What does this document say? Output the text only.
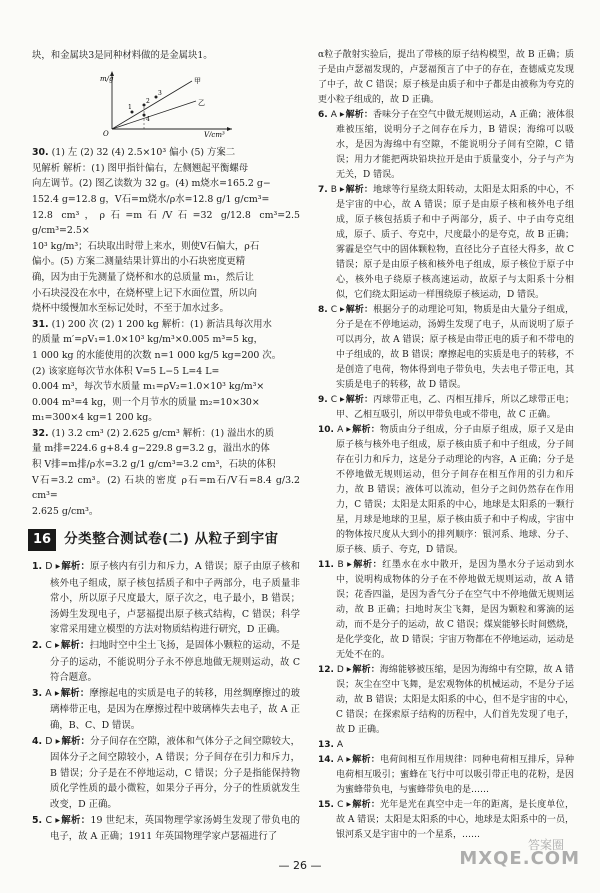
块，和金属块3是同种材料做的是金属块1。

m/g
V/cm³
O
甲
乙
1
2
3
4
30. (1) 左 (2) 32 (4) 2.5×10³ 偏小 (5) 方案二
见解析 解析：(1) 图甲指针偏右，左侧翘起平衡螺母
向左调节。(2) 图乙读数为 32 g。(4) m烧水=165.2 g−
152.4 g=12.8 g，V石=m烧水/ρ水=12.8 g/1 g/cm³=
12.8 cm³，ρ石=m石/V石=32 g/12.8 cm³=2.5 g/cm³=2.5×
10³ kg/m³；石块取出时带上来水，则使V石偏大，ρ石
偏小。(5) 方案二测量结果计算出的小石块密度更精
确，因为由于先测量了烧杯和水的总质量 m₁，然后让
小石块浸没在水中，在烧杯壁上记下水面位置，所以向
烧杯中缓慢加水至标记处时，不至于加水过多。
31. (1) 200 次 (2) 1 200 kg 解析：(1) 新洁具每次用水
的质量 m′=ρV₁=1.0×10³ kg/m³×0.005 m³=5 kg，
1 000 kg 的水能使用的次数 n=1 000 kg/5 kg=200 次。
(2) 该家庭每次节水体积 V=5 L−5 L=4 L=
0.004 m³，每次节水质量 m₁=ρV₂=1.0×10³ kg/m³×
0.004 m³=4 kg，则一个月节水的质量 m₂=10×30×
m₁=300×4 kg=1 200 kg。
32. (1) 3.2 cm³ (2) 2.625 g/cm³ 解析：(1) 溢出水的质
量 m排=224.6 g+8.4 g−229.8 g=3.2 g，溢出水的体
积 V排=m排/ρ水=3.2 g/1 g/cm³=3.2 cm³，石块的体积
V石=3.2 cm³。(2) 石块的密度 ρ石=m石/V石=8.4 g/3.2 cm³=
2.625 g/cm³。
16 分类整合测试卷(二) 从粒子到宇宙

1. D ▶ 解析：原子核内有引力和斥力，A 错误；原子由原子核和核外电子组成，原子核包括质子和中子两部分，电子质量非常小，所以原子尺度最大，原子次之，电子最小，B 错误；汤姆生发现电子，卢瑟福提出原子核式结构，C 错误；科学家常采用建立模型的方法对物质结构进行研究，D 正确。

2. C ▶ 解析：扫地时空中尘土飞扬，是固体小颗粒的运动，不是分子的运动，不能说明分子永不停息地做无规则运动，故 C 符合题意。

3. A ▶ 解析：摩擦起电的实质是电子的转移，用丝绸摩擦过的玻璃棒带正电，是因为在摩擦过程中玻璃棒失去电子，故 A 正确，B、C、D 错误。

4. D ▶ 解析：分子间存在空隙，液体和气体分子之间空隙较大，固体分子之间空隙较小，A 错误；分子间存在引力和斥力，B 错误；分子是在不停地运动，C 错误；分子是指能保持物质化学性质的最小微粒，如果分子再分，分子的性质就发生改变，D 正确。

5. C ▶ 解析：19 世纪末，英国物理学家汤姆生发现了带负电的电子，故 A 正确；1911 年英国物理学家卢瑟福进行了

α粒子散射实验后，提出了带核的原子结构模型，故 B 正确；质子是由卢瑟福发现的，卢瑟福预言了中子的存在，查德威克发现了中子，故 C 错误；原子核是由质子和中子都是由被称为夸克的更小粒子组成的，故 D 正确。

6. A ▶ 解析：香味分子在空气中做无规则运动，A 正确；液体很难被压缩，说明分子之间存在斥力，B 错误；海绵可以吸水，是因为海绵中有空隙，不能说明分子间有空隙，C 错误；用力才能把两块铅块拉开是由于质量变小，分子与产为无关，D 错误。

7. B ▶ 解析：地球等行星绕太阳转动，太阳是太阳系的中心，不是宇宙的中心，故 A 错误；原子是由原子核和核外电子组成，原子核包括质子和中子两部分，质子、中子由夸克组成，原子、质子、夸克中，尺度最小的是夸克，故 B 正确；雾霾是空气中的固体颗粒物，直径比分子直径大得多，故 C 错误；原子是由原子核和核外电子组成，原子核位于原子中心，核外电子绕原子核高速运动，故原子与太阳系十分相似，它们绕太阳运动一样围绕原子核运动，D 错误。

8. C ▶ 解析：根据分子的动理论可知，物质是由大量分子组成，分子是在不停地运动，汤姆生发现了电子，从而说明了原子可以再分，故 A 错误；原子核是由带正电的质子和不带电的中子组成的，故 B 错误；摩擦起电的实质是电子的转移，不是创造了电荷，物体得到电子带负电，失去电子带正电，其实质是电子的转移，故 D 错误。

9. C ▶ 解析：丙球带正电，乙、丙相互排斥，所以乙球带正电；甲、乙相互吸引，所以甲带负电或不带电，故 C 正确。

10. A ▶ 解析：物质由分子组成，分子由原子组成，原子又是由原子核与核外电子组成，原子核由质子和中子组成，分子间存在引力和斥力，这是分子动理论的内容，A 正确；分子是不停地做无规则运动，但分子间存在相互作用的引力和斥力，故 B 错误；液体可以流动，但分子之间仍然存在作用力，C 错误；太阳是太阳系的中心，地球是太阳系的一颗行星，月球是地球的卫星，原子核由质子和中子构成，宇宙中的物体按尺度从大到小的排列顺序：银河系、地球、分子、原子核、质子、夸克，D 错误。

11. B ▶ 解析：红墨水在水中散开，是因为墨水分子运动到水中，说明构成物体的分子在不停地做无规则运动，故 A 错误；花香四溢，是因为香气分子在空气中不停地做无规则运动，故 B 正确；扫地时灰尘飞舞，是因为颗粒和雾滴的运动，而不是分子的运动，故 C 错误；煤炭能够长时间燃烧，是化学变化，故 D 错误；宇宙万物都在不停地运动，运动是无处不在的。

12. D ▶ 解析：海绵能够被压缩，是因为海绵中有空隙，故 A 错误；灰尘在空中飞舞，是宏观物体的机械运动，不是分子运动，故 B 错误；太阳是太阳系的中心，但不是宇宙的中心，C 错误；在探索原子结构的历程中，人们首先发现了电子，故 D 正确。

13. A

14. A ▶ 解析：电荷间相互作用规律：同种电荷相互排斥，异种电荷相互吸引；蜜蜂在飞行中可以吸引带正电的花粉，是因为蜜蜂带负电，与蜜蜂带负电的是……

15. C ▶ 解析：光年是光在真空中走一年的距离，是长度单位，故 A 错误；太阳是太阳系的中心，地球是太阳系中的一员，银河系又是宇宙中的一个星系，……

— 26 —
答案圈
MXQE.COM
